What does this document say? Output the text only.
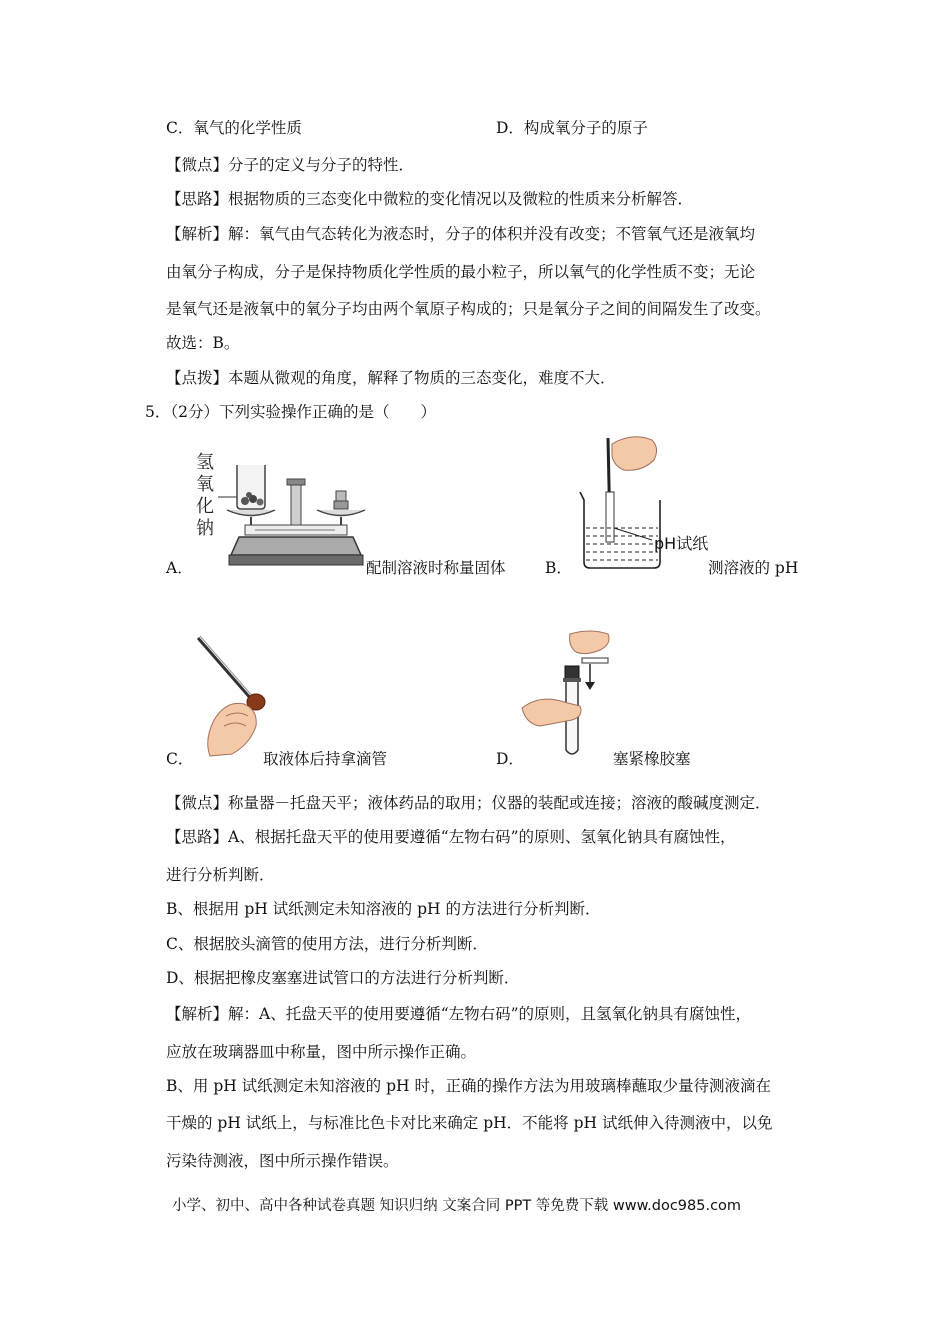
C．氧气的化学性质	D．构成氧分子的原子
【微点】分子的定义与分子的特性．
【思路】根据物质的三态变化中微粒的变化情况以及微粒的性质来分析解答．
【解析】解：氧气由气态转化为液态时，分子的体积并没有改变；不管氧气还是液氧均
由氧分子构成，分子是保持物质化学性质的最小粒子，所以氧气的化学性质不变；无论
是氧气还是液氧中的氧分子均由两个氧原子构成的；只是氧分子之间的间隔发生了改变。
故选：B。
【点拨】本题从微观的角度，解释了物质的三态变化，难度不大．
5．（2分）下列实验操作正确的是（　　）
氢
氧
化
钠
pH试纸
A．	配制溶液时称量固体	B．	测溶液的 pH
C．	取液体后持拿滴管	D．	塞紧橡胶塞
【微点】称量器－托盘天平；液体药品的取用；仪器的装配或连接；溶液的酸碱度测定．
【思路】A、根据托盘天平的使用要遵循“左物右码”的原则、氢氧化钠具有腐蚀性，
进行分析判断．
B、根据用 pH 试纸测定未知溶液的 pH 的方法进行分析判断．
C、根据胶头滴管的使用方法，进行分析判断．
D、根据把橡皮塞塞进试管口的方法进行分析判断．
【解析】解：A、托盘天平的使用要遵循“左物右码”的原则，且氢氧化钠具有腐蚀性，
应放在玻璃器皿中称量，图中所示操作正确。
B、用 pH 试纸测定未知溶液的 pH 时，正确的操作方法为用玻璃棒蘸取少量待测液滴在
干燥的 pH 试纸上，与标准比色卡对比来确定 pH．不能将 pH 试纸伸入待测液中，以免
污染待测液，图中所示操作错误。
小学、初中、高中各种试卷真题 知识归纳 文案合同 PPT 等免费下载 www.doc985.com
